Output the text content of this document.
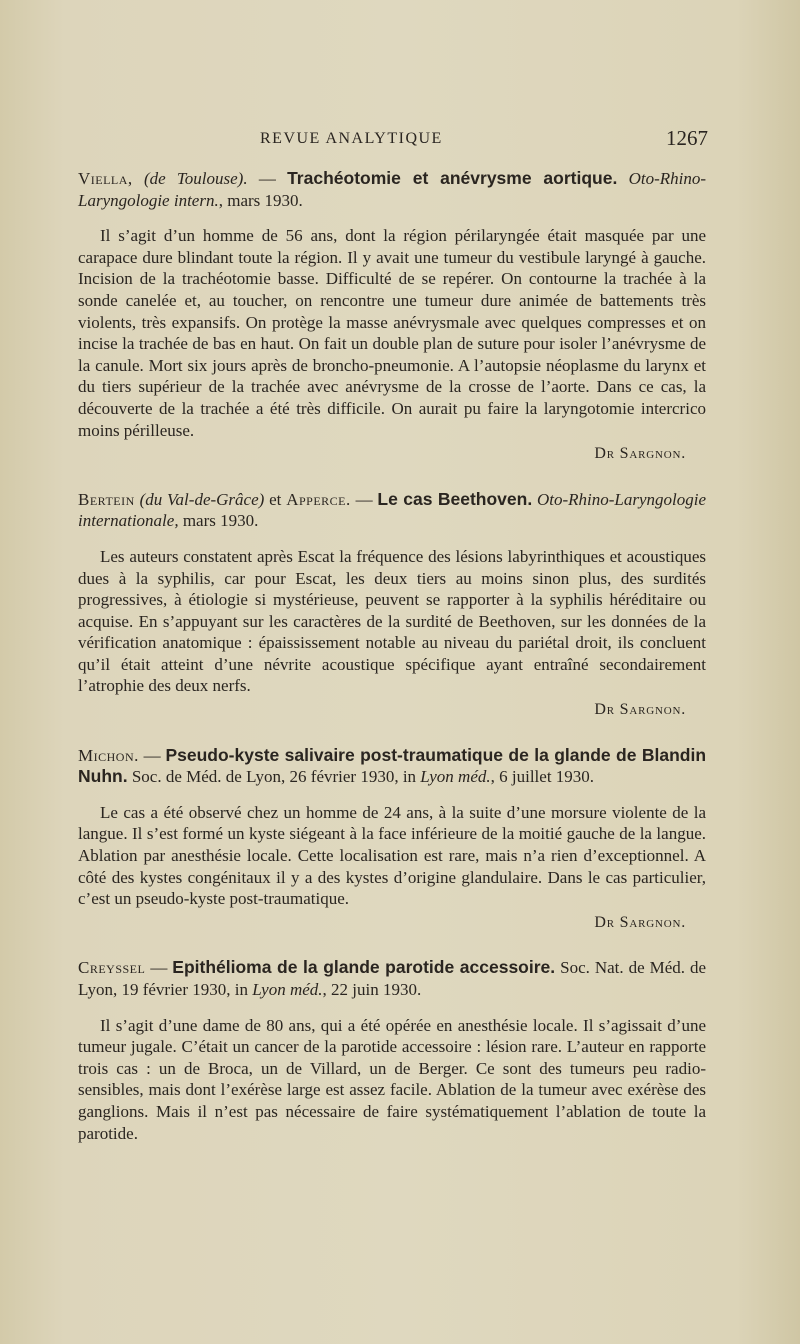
REVUE ANALYTIQUE	1267

Viella, (de Toulouse). — Trachéotomie et anévrysme aortique. Oto-Rhino-Laryngologie intern., mars 1930.

Il s’agit d’un homme de 56 ans, dont la région périlaryngée était masquée par une carapace dure blindant toute la région. Il y avait une tumeur du vestibule laryngé à gauche. Incision de la trachéotomie basse. Difficulté de se repérer. On contourne la trachée à la sonde canelée et, au toucher, on rencontre une tumeur dure animée de battements très violents, très expansifs. On protège la masse anévrysmale avec quelques compresses et on incise la trachée de bas en haut. On fait un double plan de suture pour isoler l’anévrysme de la canule. Mort six jours après de broncho-pneumonie. A l’autopsie néoplasme du larynx et du tiers supérieur de la trachée avec anévrysme de la crosse de l’aorte. Dans ce cas, la découverte de la trachée a été très difficile. On aurait pu faire la laryngotomie intercrico moins périlleuse.

Dr Sargnon.

Bertein (du Val-de-Grâce) et Apperce. — Le cas Beethoven. Oto-Rhino-Laryngologie internationale, mars 1930.

Les auteurs constatent après Escat la fréquence des lésions labyrinthiques et acoustiques dues à la syphilis, car pour Escat, les deux tiers au moins sinon plus, des surdités progressives, à étiologie si mystérieuse, peuvent se rapporter à la syphilis héréditaire ou acquise. En s’appuyant sur les caractères de la surdité de Beethoven, sur les données de la vérification anatomique : épaississement notable au niveau du pariétal droit, ils concluent qu’il était atteint d’une névrite acoustique spécifique ayant entraîné secondairement l’atrophie des deux nerfs.

Dr Sargnon.

Michon. — Pseudo-kyste salivaire post-traumatique de la glande de Blandin Nuhn. Soc. de Méd. de Lyon, 26 février 1930, in Lyon méd., 6 juillet 1930.

Le cas a été observé chez un homme de 24 ans, à la suite d’une morsure violente de la langue. Il s’est formé un kyste siégeant à la face inférieure de la moitié gauche de la langue. Ablation par anesthésie locale. Cette localisation est rare, mais n’a rien d’exceptionnel. A côté des kystes congénitaux il y a des kystes d’origine glandulaire. Dans le cas particulier, c’est un pseudo-kyste post-traumatique.

Dr Sargnon.

Creyssel — Epithélioma de la glande parotide accessoire. Soc. Nat. de Méd. de Lyon, 19 février 1930, in Lyon méd., 22 juin 1930.

Il s’agit d’une dame de 80 ans, qui a été opérée en anesthésie locale. Il s’agissait d’une tumeur jugale. C’était un cancer de la parotide accessoire : lésion rare. L’auteur en rapporte trois cas : un de Broca, un de Villard, un de Berger. Ce sont des tumeurs peu radio-sensibles, mais dont l’exérèse large est assez facile. Ablation de la tumeur avec exérèse des ganglions. Mais il n’est pas nécessaire de faire systématiquement l’ablation de toute la parotide.
